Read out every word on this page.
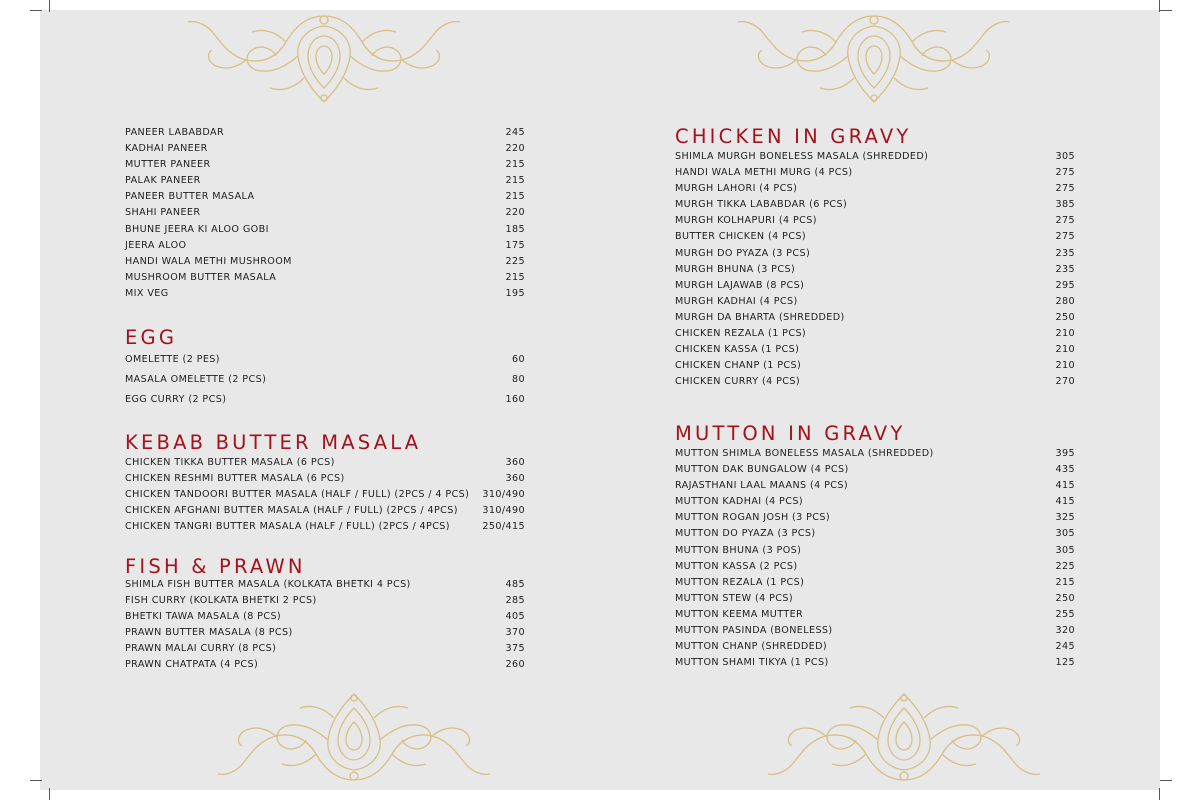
PANEER LABABDAR	245
KADHAI PANEER	220
MUTTER PANEER	215
PALAK PANEER	215
PANEER BUTTER MASALA	215
SHAHI PANEER	220
BHUNE JEERA KI ALOO GOBI	185
JEERA ALOO	175
HANDI WALA METHI MUSHROOM	225
MUSHROOM BUTTER MASALA	215
MIX VEG	195
EGG
OMELETTE (2 PES)	60
MASALA OMELETTE (2 PCS)	80
EGG CURRY (2 PCS)	160
KEBAB BUTTER MASALA
CHICKEN TIKKA BUTTER MASALA (6 PCS)	360
CHICKEN RESHMI BUTTER MASALA (6 PCS)	360
CHICKEN TANDOORI BUTTER MASALA (HALF / FULL) (2PCS / 4 PCS) 310/490
CHICKEN AFGHANI BUTTER MASALA (HALF / FULL) (2PCS / 4PCS)	310/490
CHICKEN TANGRI BUTTER MASALA (HALF / FULL) (2PCS / 4PCS)	250/415
FISH & PRAWN
SHIMLA FISH BUTTER MASALA (KOLKATA BHETKI 4 PCS)	485
FISH CURRY (KOLKATA BHETKI 2 PCS)	285
BHETKI TAWA MASALA (8 PCS)	405
PRAWN BUTTER MASALA (8 PCS)	370
PRAWN MALAI CURRY (8 PCS)	375
PRAWN CHATPATA (4 PCS)	260
CHICKEN IN GRAVY
SHIMLA MURGH BONELESS MASALA (SHREDDED)	305
HANDI WALA METHI MURG (4 PCS)	275
MURGH LAHORI (4 PCS)	275
MURGH TIKKA LABABDAR (6 PCS)	385
MURGH KOLHAPURI (4 PCS)	275
BUTTER CHICKEN (4 PCS)	275
MURGH DO PYAZA (3 PCS)	235
MURGH BHUNA (3 PCS)	235
MURGH LAJAWAB (8 PCS)	295
MURGH KADHAI (4 PCS)	280
MURGH DA BHARTA (SHREDDED)	250
CHICKEN REZALA (1 PCS)	210
CHICKEN KASSA (1 PCS)	210
CHICKEN CHANP (1 PCS)	210
CHICKEN CURRY (4 PCS)	270
MUTTON IN GRAVY
MUTTON SHIMLA BONELESS MASALA (SHREDDED)	395
MUTTON DAK BUNGALOW (4 PCS)	435
RAJASTHANI LAAL MAANS (4 PCS)	415
MUTTON KADHAI (4 PCS)	415
MUTTON ROGAN JOSH (3 PCS)	325
MUTTON DO PYAZA (3 PCS)	305
MUTTON BHUNA (3 POS)	305
MUTTON KASSA (2 PCS)	225
MUTTON REZALA (1 PCS)	215
MUTTON STEW (4 PCS)	250
MUTTON KEEMA MUTTER	255
MUTTON PASINDA (BONELESS)	320
MUTTON CHANP (SHREDDED)	245
MUTTON SHAMI TIKYA (1 PCS)	125
